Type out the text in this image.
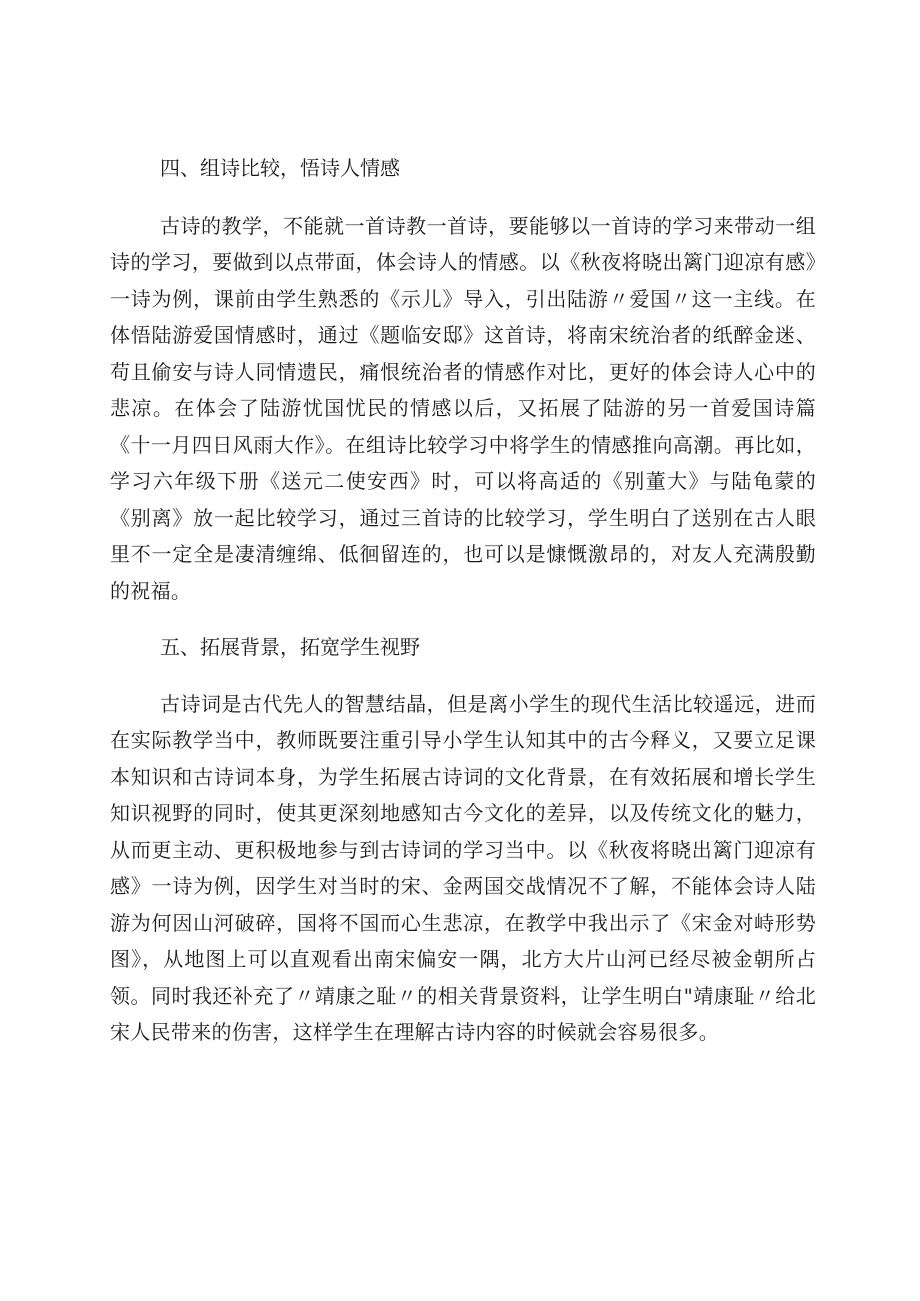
四、组诗比较，悟诗人情感

古诗的教学，不能就一首诗教一首诗，要能够以一首诗的学习来带动一组诗的学习，要做到以点带面，体会诗人的情感。以《秋夜将晓出篱门迎凉有感》一诗为例，课前由学生熟悉的《示儿》导入，引出陆游〃爱国〃这一主线。在体悟陆游爱国情感时，通过《题临安邸》这首诗，将南宋统治者的纸醉金迷、苟且偷安与诗人同情遗民，痛恨统治者的情感作对比，更好的体会诗人心中的悲凉。在体会了陆游忧国忧民的情感以后，又拓展了陆游的另一首爱国诗篇《十一月四日风雨大作》。在组诗比较学习中将学生的情感推向高潮。再比如，学习六年级下册《送元二使安西》时，可以将高适的《别董大》与陆龟蒙的《别离》放一起比较学习，通过三首诗的比较学习，学生明白了送别在古人眼里不一定全是凄清缠绵、低徊留连的，也可以是慷慨激昂的，对友人充满殷勤的祝福。

五、拓展背景，拓宽学生视野

古诗词是古代先人的智慧结晶，但是离小学生的现代生活比较遥远，进而在实际教学当中，教师既要注重引导小学生认知其中的古今释义，又要立足课本知识和古诗词本身，为学生拓展古诗词的文化背景，在有效拓展和增长学生知识视野的同时，使其更深刻地感知古今文化的差异，以及传统文化的魅力，从而更主动、更积极地参与到古诗词的学习当中。以《秋夜将晓出篱门迎凉有感》一诗为例，因学生对当时的宋、金两国交战情况不了解，不能体会诗人陆游为何因山河破碎，国将不国而心生悲凉，在教学中我出示了《宋金对峙形势图》，从地图上可以直观看出南宋偏安一隅，北方大片山河已经尽被金朝所占领。同时我还补充了〃靖康之耻〃的相关背景资料，让学生明白"靖康耻〃给北宋人民带来的伤害，这样学生在理解古诗内容的时候就会容易很多。
